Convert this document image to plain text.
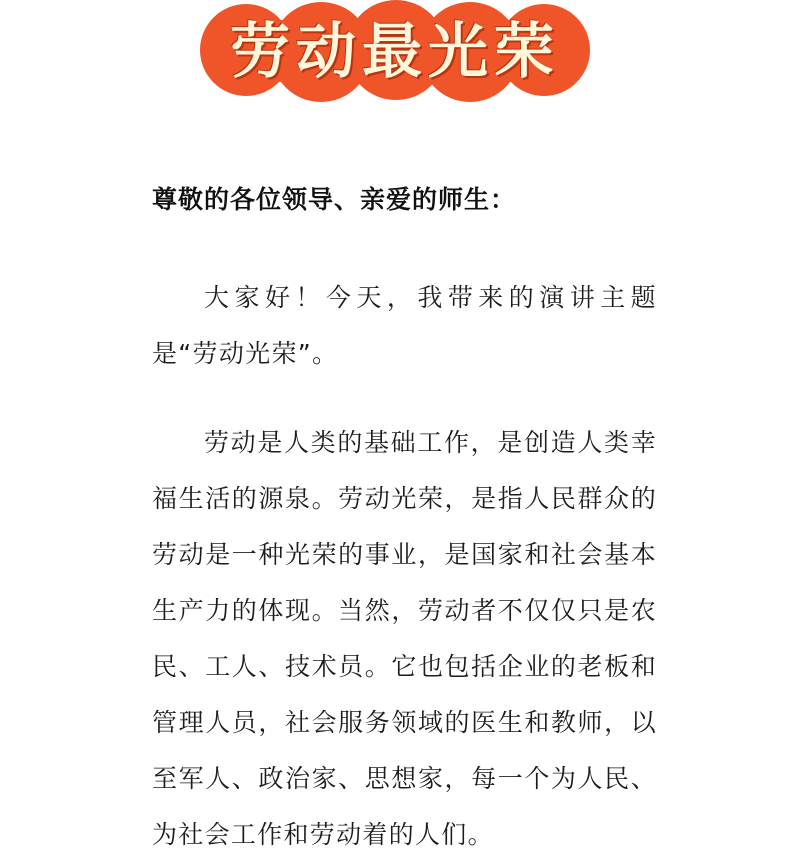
劳动最光荣
尊敬的各位领导、亲爱的师生：

大家好！今天，我带来的演讲主题是“劳动光荣”。

劳动是人类的基础工作，是创造人类幸福生活的源泉。劳动光荣，是指人民群众的劳动是一种光荣的事业，是国家和社会基本生产力的体现。当然，劳动者不仅仅只是农民、工人、技术员。它也包括企业的老板和管理人员，社会服务领域的医生和教师，以至军人、政治家、思想家，每一个为人民、为社会工作和劳动着的人们。
